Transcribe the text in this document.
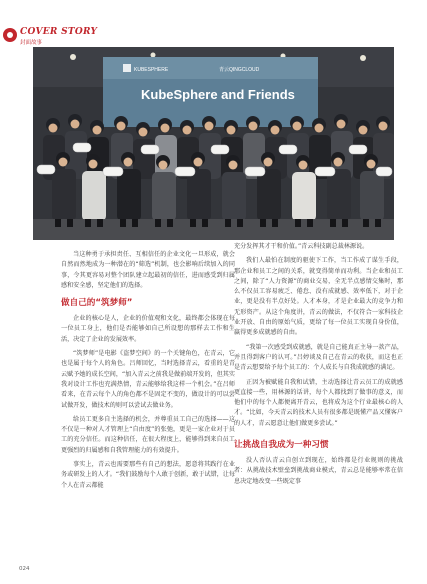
COVER STORY
封面故事
KUBESPHERE	青云QINGCLOUD
KubeSphere and Friends

当这种勇于承担责任、互相信任的企业文化一旦形成，就会自然而然地成为一种潜在的“筛选”机制，也会影响后续加入的同事，令其更容易对整个团队建立起最初的信任，进而感受到归属感和安全感，坚定他们的选择。

做自己的“筑梦师”

企业的核心是人，企业的价值观和文化，最终都会体现在每一位员工身上，他们是否能够如自己所设想的那样去工作和生活，决定了企业的发展效率。

“筑梦师”是电影《盗梦空间》的一个关键角色，在青云，它也是属于每个人的角色。吕师回忆，当时选择青云，看重的是青云赋予她的成长空间，“加入青云之前我是做前端开发的，但其实我对设计工作也充满热情，青云能够给我这样一个机会。”在吕师看来，在青云每个人的角色都不是固定不变的，做设计的可以尝试做开发，做技术的则可以尝试去做业务。

给员工更多自主选择的机会，并尊重员工自己的选择——这不仅是一种对人才管理上“自由度”的张弛，更是一家企业对于员工的充分信任。而这种信任，在很大程度上，能够得到来自员工更强烈的归属感和自我管理能力的有效提升。

事实上，青云也需要那些有自己的想法，愿意将其践行在业务或研发上的人才。“我们鼓励每个人敢于创新，敢于试错，让每个人在青云都能

充分发挥其才干和价值。”青云科技副总裁林源说。

我们人最怕在制度的驱使下工作，当工作成了谋生手段，那企业和员工之间的关系，就变得简单而功利。当企业和员工之间，除了“人力资源”的商业交易，全无半点感情交集时，那么不仅员工容易疲乏、倦怠、没有成就感、效率低下，对于企业，更是没有半点好处。人才本身，才是企业最大的竞争力和无形资产。从这个角度讲，青云的做法，不仅符合一家科技企业开放、自由的原始气质，更给了每一位员工实现自身价值，赢得更多成就感的自由。

“我第一次感受到成就感，就是自己能真正主导一款产品，并且得到客户的认可。”吕婷谈及自己在青云的收获，而这也正是青云想要给予每个员工的：个人成长与自我成就感的满足。

正因为被赋能自我和试错，主动选择让青云员工的成就感更直接一些，用林源的话讲，每个人都找到了做事的意义，而他们中的每个人都便离开青云，也将成为这个行业最核心的人才。“比如，今天青云的技术人员有很多都是既懂产品又懂客户的人才，青云愿意让他们做更多尝试。”

让挑战自我成为一种习惯

没人否认青云自创立到现在，始终都是行业规则的挑战者：从挑战技术壁垒到挑战商业模式，青云总是能够率常在信息决定地改变一些既定事

024
